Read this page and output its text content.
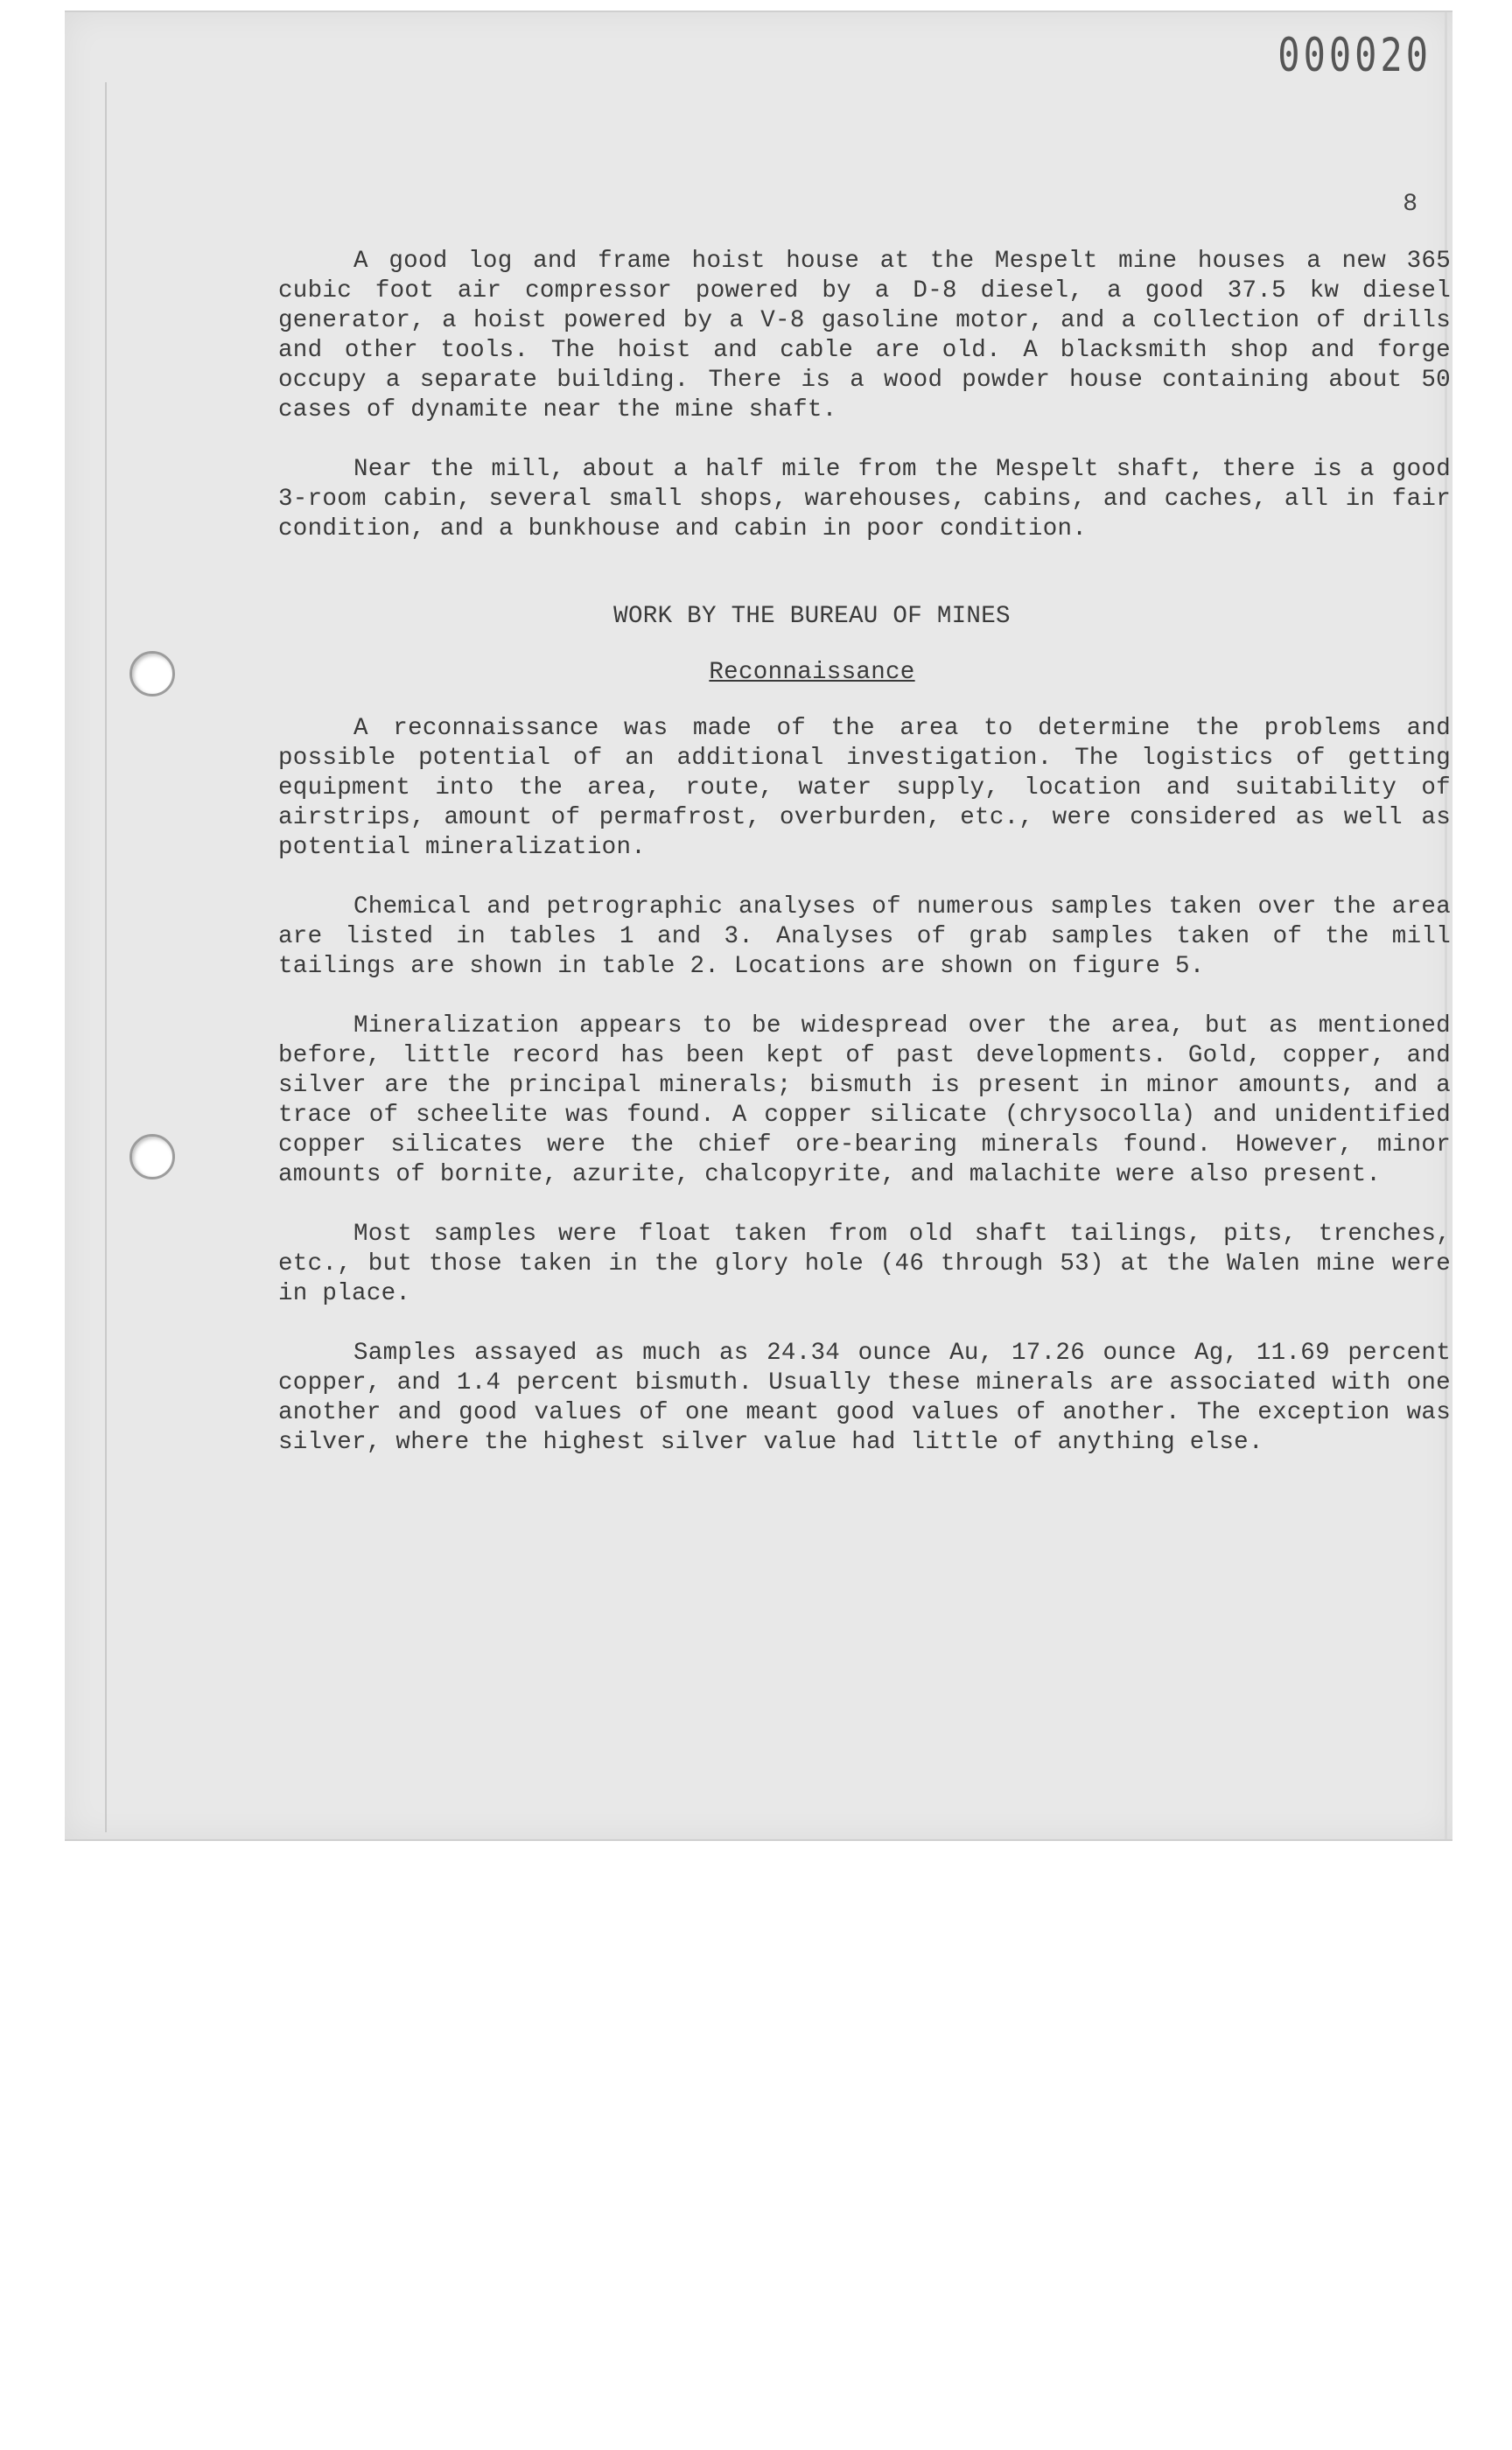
000020
8

A good log and frame hoist house at the Mespelt mine houses a new 365 cubic foot air compressor powered by a D-8 diesel, a good 37.5 kw diesel generator, a hoist powered by a V-8 gasoline motor, and a collection of drills and other tools. The hoist and cable are old. A blacksmith shop and forge occupy a separate building. There is a wood powder house containing about 50 cases of dynamite near the mine shaft.

Near the mill, about a half mile from the Mespelt shaft, there is a good 3-room cabin, several small shops, warehouses, cabins, and caches, all in fair condition, and a bunkhouse and cabin in poor condition.

WORK BY THE BUREAU OF MINES
Reconnaissance

A reconnaissance was made of the area to determine the problems and possible potential of an additional investigation. The logistics of getting equipment into the area, route, water supply, location and suitability of airstrips, amount of permafrost, overburden, etc., were considered as well as potential mineralization.

Chemical and petrographic analyses of numerous samples taken over the area are listed in tables 1 and 3. Analyses of grab samples taken of the mill tailings are shown in table 2. Locations are shown on figure 5.

Mineralization appears to be widespread over the area, but as mentioned before, little record has been kept of past developments. Gold, copper, and silver are the principal minerals; bismuth is present in minor amounts, and a trace of scheelite was found. A copper silicate (chrysocolla) and unidentified copper silicates were the chief ore-bearing minerals found. However, minor amounts of bornite, azurite, chalcopyrite, and malachite were also present.

Most samples were float taken from old shaft tailings, pits, trenches, etc., but those taken in the glory hole (46 through 53) at the Walen mine were in place.

Samples assayed as much as 24.34 ounce Au, 17.26 ounce Ag, 11.69 percent copper, and 1.4 percent bismuth. Usually these minerals are associated with one another and good values of one meant good values of another. The exception was silver, where the highest silver value had little of anything else.
